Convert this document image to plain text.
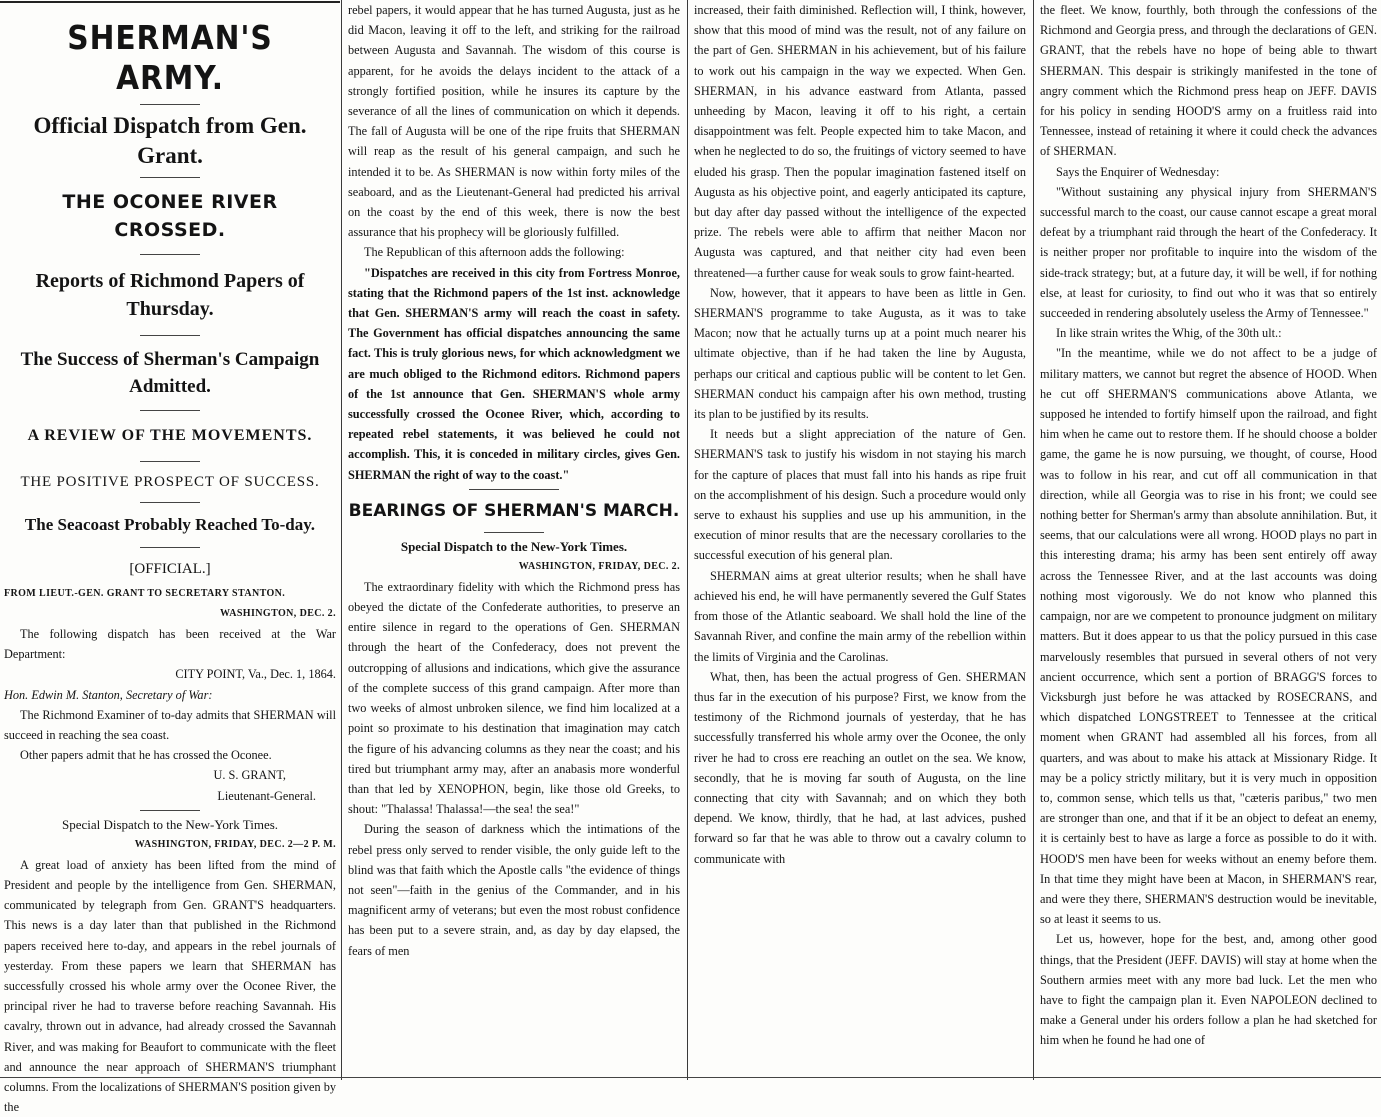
SHERMAN'S ARMY.
Official Dispatch from Gen. Grant.
THE OCONEE RIVER CROSSED.
Reports of Richmond Papers of Thursday.
The Success of Sherman's Campaign Admitted.
A REVIEW OF THE MOVEMENTS.
THE POSITIVE PROSPECT OF SUCCESS.
The Seacoast Probably Reached To-day.
[OFFICIAL.]

FROM LIEUT.-GEN. GRANT TO SECRETARY STANTON.

WASHINGTON, DEC. 2.

The following dispatch has been received at the War Department:

CITY POINT, Va., Dec. 1, 1864.

Hon. Edwin M. Stanton, Secretary of War:

The Richmond Examiner of to-day admits that SHERMAN will succeed in reaching the sea coast.

Other papers admit that he has crossed the Oconee.

U. S. GRANT,

Lieutenant-General.

Special Dispatch to the New-York Times.

WASHINGTON, FRIDAY, DEC. 2—2 P. M.

A great load of anxiety has been lifted from the mind of President and people by the intelligence from Gen. SHERMAN, communicated by telegraph from Gen. GRANT'S headquarters. This news is a day later than that published in the Richmond papers received here to-day, and appears in the rebel journals of yesterday. From these papers we learn that SHERMAN has successfully crossed his whole army over the Oconee River, the principal river he had to traverse before reaching Savannah. His cavalry, thrown out in advance, had already crossed the Savannah River, and was making for Beaufort to communicate with the fleet and announce the near approach of SHERMAN'S triumphant columns. From the localizations of SHERMAN'S position given by the

rebel papers, it would appear that he has turned Augusta, just as he did Macon, leaving it off to the left, and striking for the railroad between Augusta and Savannah. The wisdom of this course is apparent, for he avoids the delays incident to the attack of a strongly fortified position, while he insures its capture by the severance of all the lines of communication on which it depends. The fall of Augusta will be one of the ripe fruits that SHERMAN will reap as the result of his general campaign, and such he intended it to be. As SHERMAN is now within forty miles of the seaboard, and as the Lieutenant-General had predicted his arrival on the coast by the end of this week, there is now the best assurance that his prophecy will be gloriously fulfilled.

The Republican of this afternoon adds the following:

"Dispatches are received in this city from Fortress Monroe, stating that the Richmond papers of the 1st inst. acknowledge that Gen. SHERMAN'S army will reach the coast in safety. The Government has official dispatches announcing the same fact. This is truly glorious news, for which acknowledgment we are much obliged to the Richmond editors. Richmond papers of the 1st announce that Gen. SHERMAN'S whole army successfully crossed the Oconee River, which, according to repeated rebel statements, it was believed he could not accomplish. This, it is conceded in military circles, gives Gen. SHERMAN the right of way to the coast."

BEARINGS OF SHERMAN'S MARCH.
Special Dispatch to the New-York Times.

WASHINGTON, FRIDAY, DEC. 2.

The extraordinary fidelity with which the Richmond press has obeyed the dictate of the Confederate authorities, to preserve an entire silence in regard to the operations of Gen. SHERMAN through the heart of the Confederacy, does not prevent the outcropping of allusions and indications, which give the assurance of the complete success of this grand campaign. After more than two weeks of almost unbroken silence, we find him localized at a point so proximate to his destination that imagination may catch the figure of his advancing columns as they near the coast; and his tired but triumphant army may, after an anabasis more wonderful than that led by XENOPHON, begin, like those old Greeks, to shout: "Thalassa! Thalassa!—the sea! the sea!"

During the season of darkness which the intimations of the rebel press only served to render visible, the only guide left to the blind was that faith which the Apostle calls "the evidence of things not seen"—faith in the genius of the Commander, and in his magnificent army of veterans; but even the most robust confidence has been put to a severe strain, and, as day by day elapsed, the fears of men

increased, their faith diminished. Reflection will, I think, however, show that this mood of mind was the result, not of any failure on the part of Gen. SHERMAN in his achievement, but of his failure to work out his campaign in the way we expected. When Gen. SHERMAN, in his advance eastward from Atlanta, passed unheeding by Macon, leaving it off to his right, a certain disappointment was felt. People expected him to take Macon, and when he neglected to do so, the fruitings of victory seemed to have eluded his grasp. Then the popular imagination fastened itself on Augusta as his objective point, and eagerly anticipated its capture, but day after day passed without the intelligence of the expected prize. The rebels were able to affirm that neither Macon nor Augusta was captured, and that neither city had even been threatened—a further cause for weak souls to grow faint-hearted.

Now, however, that it appears to have been as little in Gen. SHERMAN'S programme to take Augusta, as it was to take Macon; now that he actually turns up at a point much nearer his ultimate objective, than if he had taken the line by Augusta, perhaps our critical and captious public will be content to let Gen. SHERMAN conduct his campaign after his own method, trusting its plan to be justified by its results.

It needs but a slight appreciation of the nature of Gen. SHERMAN'S task to justify his wisdom in not staying his march for the capture of places that must fall into his hands as ripe fruit on the accomplishment of his design. Such a procedure would only serve to exhaust his supplies and use up his ammunition, in the execution of minor results that are the necessary corollaries to the successful execution of his general plan.

SHERMAN aims at great ulterior results; when he shall have achieved his end, he will have permanently severed the Gulf States from those of the Atlantic seaboard. We shall hold the line of the Savannah River, and confine the main army of the rebellion within the limits of Virginia and the Carolinas.

What, then, has been the actual progress of Gen. SHERMAN thus far in the execution of his purpose? First, we know from the testimony of the Richmond journals of yesterday, that he has successfully transferred his whole army over the Oconee, the only river he had to cross ere reaching an outlet on the sea. We know, secondly, that he is moving far south of Augusta, on the line connecting that city with Savannah; and on which they both depend. We know, thirdly, that he had, at last advices, pushed forward so far that he was able to throw out a cavalry column to communicate with

the fleet. We know, fourthly, both through the confessions of the Richmond and Georgia press, and through the declarations of GEN. GRANT, that the rebels have no hope of being able to thwart SHERMAN. This despair is strikingly manifested in the tone of angry comment which the Richmond press heap on JEFF. DAVIS for his policy in sending HOOD'S army on a fruitless raid into Tennessee, instead of retaining it where it could check the advances of SHERMAN.

Says the Enquirer of Wednesday:

"Without sustaining any physical injury from SHERMAN'S successful march to the coast, our cause cannot escape a great moral defeat by a triumphant raid through the heart of the Confederacy. It is neither proper nor profitable to inquire into the wisdom of the side-track strategy; but, at a future day, it will be well, if for nothing else, at least for curiosity, to find out who it was that so entirely succeeded in rendering absolutely useless the Army of Tennessee."

In like strain writes the Whig, of the 30th ult.:

"In the meantime, while we do not affect to be a judge of military matters, we cannot but regret the absence of HOOD. When he cut off SHERMAN'S communications above Atlanta, we supposed he intended to fortify himself upon the railroad, and fight him when he came out to restore them. If he should choose a bolder game, the game he is now pursuing, we thought, of course, Hood was to follow in his rear, and cut off all communication in that direction, while all Georgia was to rise in his front; we could see nothing better for Sherman's army than absolute annihilation. But, it seems, that our calculations were all wrong. HOOD plays no part in this interesting drama; his army has been sent entirely off away across the Tennessee River, and at the last accounts was doing nothing most vigorously. We do not know who planned this campaign, nor are we competent to pronounce judgment on military matters. But it does appear to us that the policy pursued in this case marvelously resembles that pursued in several others of not very ancient occurrence, which sent a portion of BRAGG'S forces to Vicksburgh just before he was attacked by ROSECRANS, and which dispatched LONGSTREET to Tennessee at the critical moment when GRANT had assembled all his forces, from all quarters, and was about to make his attack at Missionary Ridge. It may be a policy strictly military, but it is very much in opposition to, common sense, which tells us that, "cæteris paribus," two men are stronger than one, and that if it be an object to defeat an enemy, it is certainly best to have as large a force as possible to do it with. HOOD'S men have been for weeks without an enemy before them. In that time they might have been at Macon, in SHERMAN'S rear, and were they there, SHERMAN'S destruction would be inevitable, so at least it seems to us.

Let us, however, hope for the best, and, among other good things, that the President (JEFF. DAVIS) will stay at home when the Southern armies meet with any more bad luck. Let the men who have to fight the campaign plan it. Even NAPOLEON declined to make a General under his orders follow a plan he had sketched for him when he found he had one of
